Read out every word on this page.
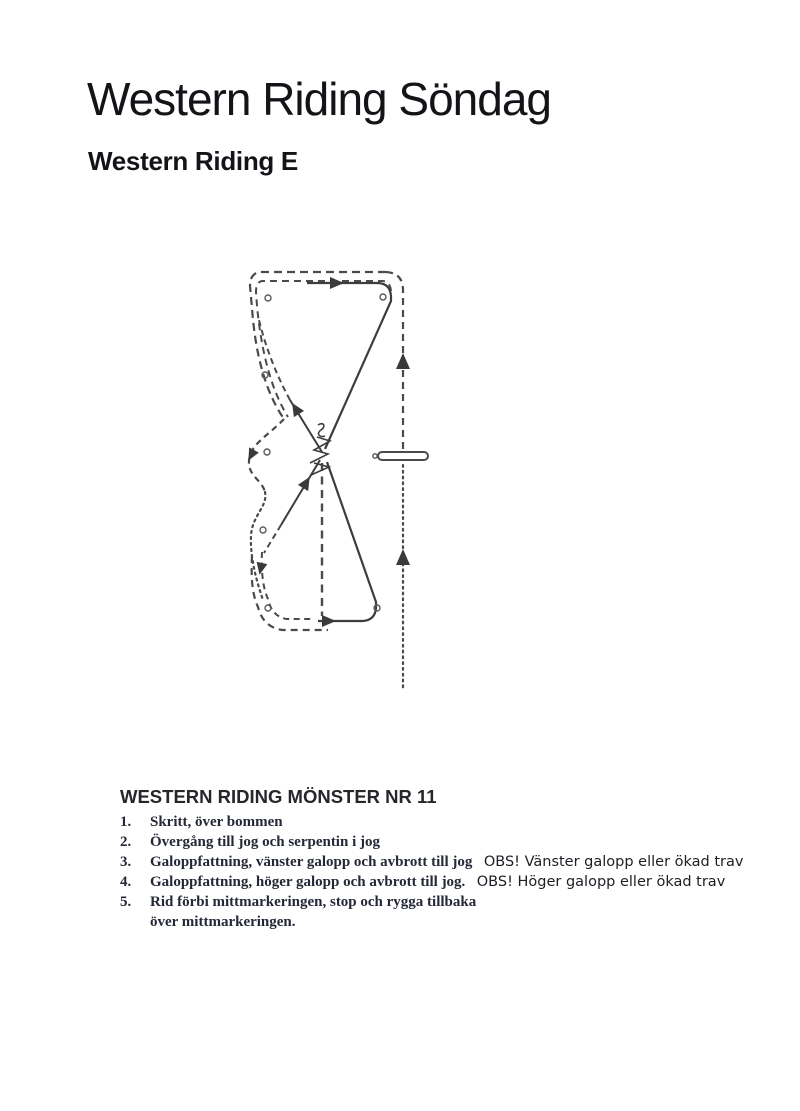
Western Riding Söndag
Western Riding E
WESTERN RIDING MÖNSTER NR 11
1. Skritt, över bommen
2. Övergång till jog och serpentin i jog
3. Galoppfattning, vänster galopp och avbrott till jog OBS! Vänster galopp eller ökad trav
4. Galoppfattning, höger galopp och avbrott till jog. OBS! Höger galopp eller ökad trav
5. Rid förbi mittmarkeringen, stop och rygga tillbaka
över mittmarkeringen.
